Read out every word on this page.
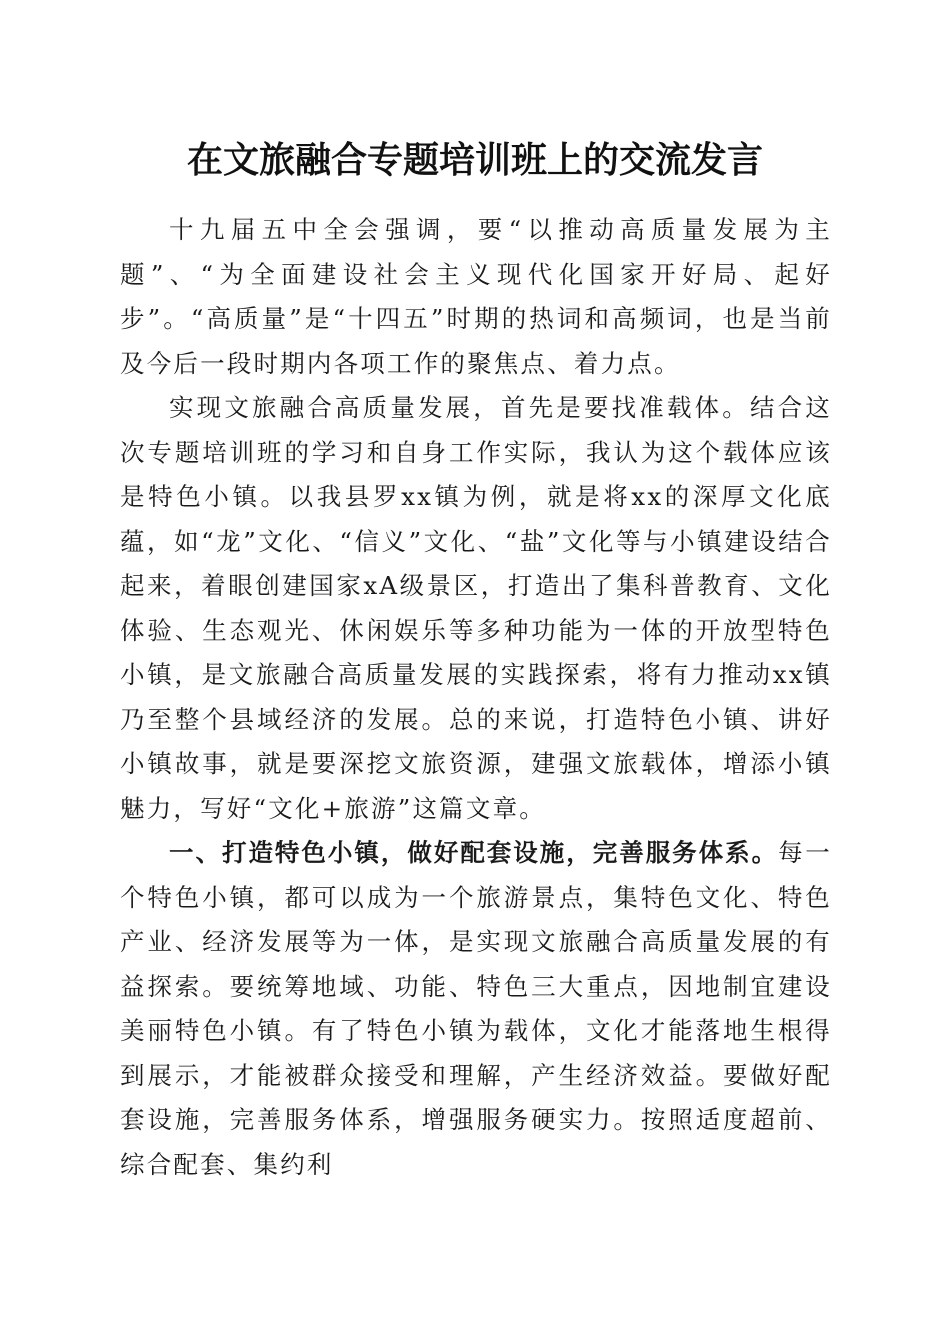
在文旅融合专题培训班上的交流发言

十九届五中全会强调，要“以推动高质量发展为主题”、“为全面建设社会主义现代化国家开好局、起好步”。“高质量”是“十四五”时期的热词和高频词，也是当前及今后一段时期内各项工作的聚焦点、着力点。

实现文旅融合高质量发展，首先是要找准载体。结合这次专题培训班的学习和自身工作实际，我认为这个载体应该是特色小镇。以我县罗xx镇为例，就是将xx的深厚文化底蕴，如“龙”文化、“信义”文化、“盐”文化等与小镇建设结合起来，着眼创建国家xA级景区，打造出了集科普教育、文化体验、生态观光、休闲娱乐等多种功能为一体的开放型特色小镇，是文旅融合高质量发展的实践探索，将有力推动xx镇乃至整个县域经济的发展。总的来说，打造特色小镇、讲好小镇故事，就是要深挖文旅资源，建强文旅载体，增添小镇魅力，写好“文化+旅游”这篇文章。

一、打造特色小镇，做好配套设施，完善服务体系。每一个特色小镇，都可以成为一个旅游景点，集特色文化、特色产业、经济发展等为一体，是实现文旅融合高质量发展的有益探索。要统筹地域、功能、特色三大重点，因地制宜建设美丽特色小镇。有了特色小镇为载体，文化才能落地生根得到展示，才能被群众接受和理解，产生经济效益。要做好配套设施，完善服务体系，增强服务硬实力。按照适度超前、综合配套、集约利
